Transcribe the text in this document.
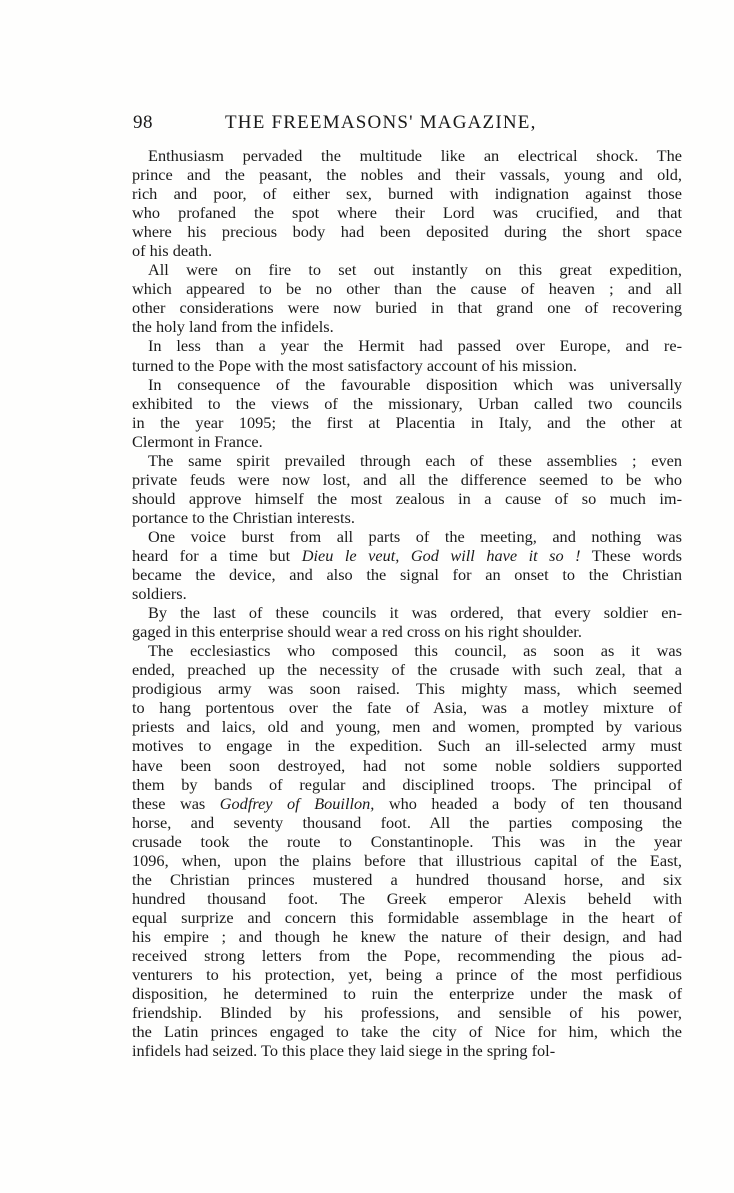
98	THE FREEMASONS' MAGAZINE,
Enthusiasm pervaded the multitude like an electrical shock. The
prince and the peasant, the nobles and their vassals, young and old,
rich and poor, of either sex, burned with indignation against those
who profaned the spot where their Lord was crucified, and that
where his precious body had been deposited during the short space
of his death.
All were on fire to set out instantly on this great expedition,
which appeared to be no other than the cause of heaven ; and all
other considerations were now buried in that grand one of recovering
the holy land from the infidels.
In less than a year the Hermit had passed over Europe, and re-
turned to the Pope with the most satisfactory account of his mission.
In consequence of the favourable disposition which was universally
exhibited to the views of the missionary, Urban called two councils
in the year 1095; the first at Placentia in Italy, and the other at
Clermont in France.
The same spirit prevailed through each of these assemblies ; even
private feuds were now lost, and all the difference seemed to be who
should approve himself the most zealous in a cause of so much im-
portance to the Christian interests.
One voice burst from all parts of the meeting, and nothing was
heard for a time but Dieu le veut, God will have it so ! These words
became the device, and also the signal for an onset to the Christian
soldiers.
By the last of these councils it was ordered, that every soldier en-
gaged in this enterprise should wear a red cross on his right shoulder.
The ecclesiastics who composed this council, as soon as it was
ended, preached up the necessity of the crusade with such zeal, that a
prodigious army was soon raised. This mighty mass, which seemed
to hang portentous over the fate of Asia, was a motley mixture of
priests and laics, old and young, men and women, prompted by various
motives to engage in the expedition. Such an ill-selected army must
have been soon destroyed, had not some noble soldiers supported
them by bands of regular and disciplined troops. The principal of
these was Godfrey of Bouillon, who headed a body of ten thousand
horse, and seventy thousand foot. All the parties composing the
crusade took the route to Constantinople. This was in the year
1096, when, upon the plains before that illustrious capital of the East,
the Christian princes mustered a hundred thousand horse, and six
hundred thousand foot. The Greek emperor Alexis beheld with
equal surprize and concern this formidable assemblage in the heart of
his empire ; and though he knew the nature of their design, and had
received strong letters from the Pope, recommending the pious ad-
venturers to his protection, yet, being a prince of the most perfidious
disposition, he determined to ruin the enterprize under the mask of
friendship. Blinded by his professions, and sensible of his power,
the Latin princes engaged to take the city of Nice for him, which the
infidels had seized. To this place they laid siege in the spring fol-
